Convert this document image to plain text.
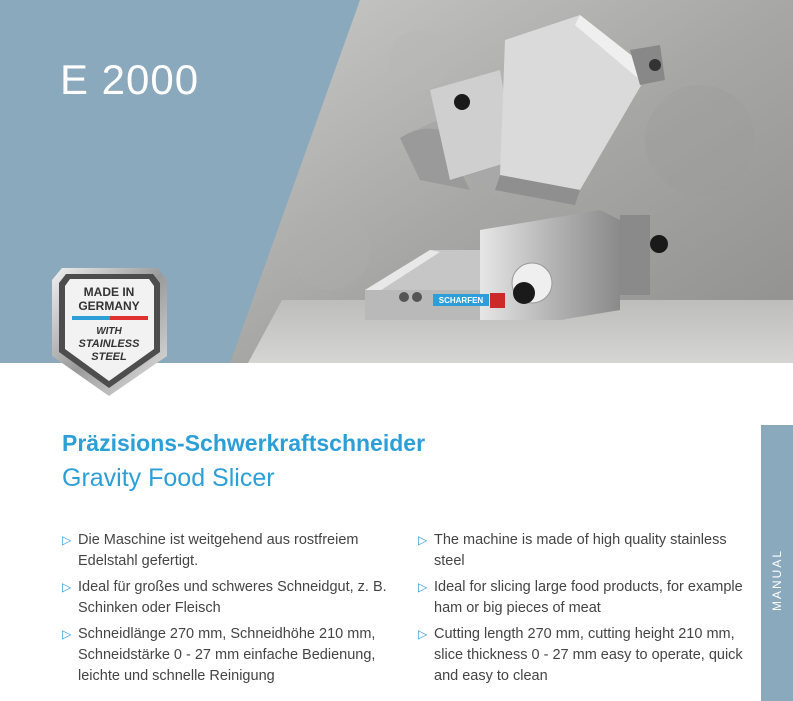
SCHARFEN
E 2000
MADE IN
GERMANY
WITH
STAINLESS
STEEL
Präzisions-Schwerkraftschneider
Gravity Food Slicer
▷ Die Maschine ist weitgehend aus rostfreiem Edelstahl gefertigt.
▷ Ideal für großes und schweres Schneidgut, z. B. Schinken oder Fleisch
▷ Schneidlänge 270 mm, Schneidhöhe 210 mm, Schneidstärke 0 - 27 mm einfache Bedienung, leichte und schnelle Reinigung
▷ The machine is made of high quality stainless steel
▷ Ideal for slicing large food products, for example ham or big pieces of meat
▷ Cutting length 270 mm, cutting height 210 mm, slice thickness 0 - 27 mm easy to operate, quick and easy to clean
MANUAL
